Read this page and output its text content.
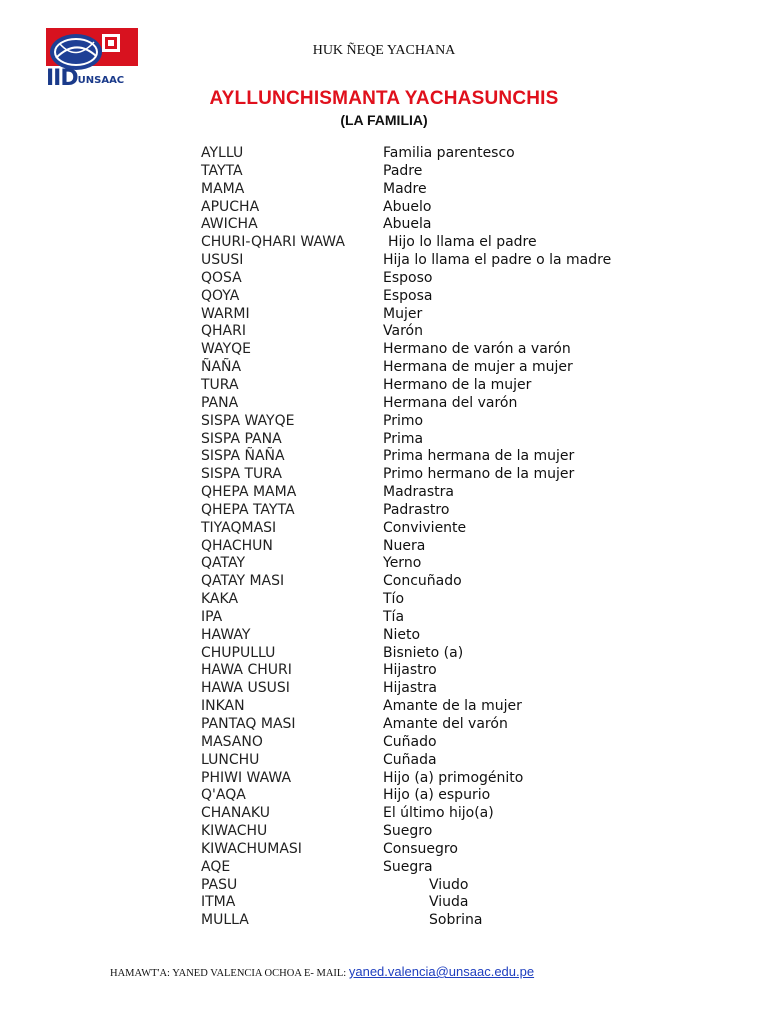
IIDUNSAAC
HUK ÑEQE YACHANA
AYLLUNCHISMANTA YACHASUNCHIS
(LA FAMILIA)
AYLLU	Familia parentesco
TAYTA	Padre
MAMA	Madre
APUCHA	Abuelo
AWICHA	Abuela
CHURI-QHARI WAWA	Hijo lo llama el padre
USUSI	Hija lo llama el padre o la madre
QOSA	Esposo
QOYA	Esposa
WARMI	Mujer
QHARI	Varón
WAYQE	Hermano de varón a varón
ÑAÑA	Hermana de mujer a mujer
TURA	Hermano de la mujer
PANA	Hermana del varón
SISPA WAYQE	Primo
SISPA PANA	Prima
SISPA ÑAÑA	Prima hermana de la mujer
SISPA TURA	Primo hermano de la mujer
QHEPA MAMA	Madrastra
QHEPA TAYTA	Padrastro
TIYAQMASI	Conviviente
QHACHUN	Nuera
QATAY	Yerno
QATAY MASI	Concuñado
KAKA	Tío
IPA	Tía
HAWAY	Nieto
CHUPULLU	Bisnieto (a)
HAWA CHURI	Hijastro
HAWA USUSI	Hijastra
INKAN	Amante de la mujer
PANTAQ MASI	Amante del varón
MASANO	Cuñado
LUNCHU	Cuñada
PHIWI WAWA	Hijo (a) primogénito
Q'AQA	Hijo (a) espurio
CHANAKU	El último hijo(a)
KIWACHU	Suegro
KIWACHUMASI	Consuegro
AQE	Suegra
PASU	Viudo
ITMA	Viuda
MULLA	Sobrina
HAMAWT'A: YANED VALENCIA OCHOA E- MAIL: yaned.valencia@unsaac.edu.pe
